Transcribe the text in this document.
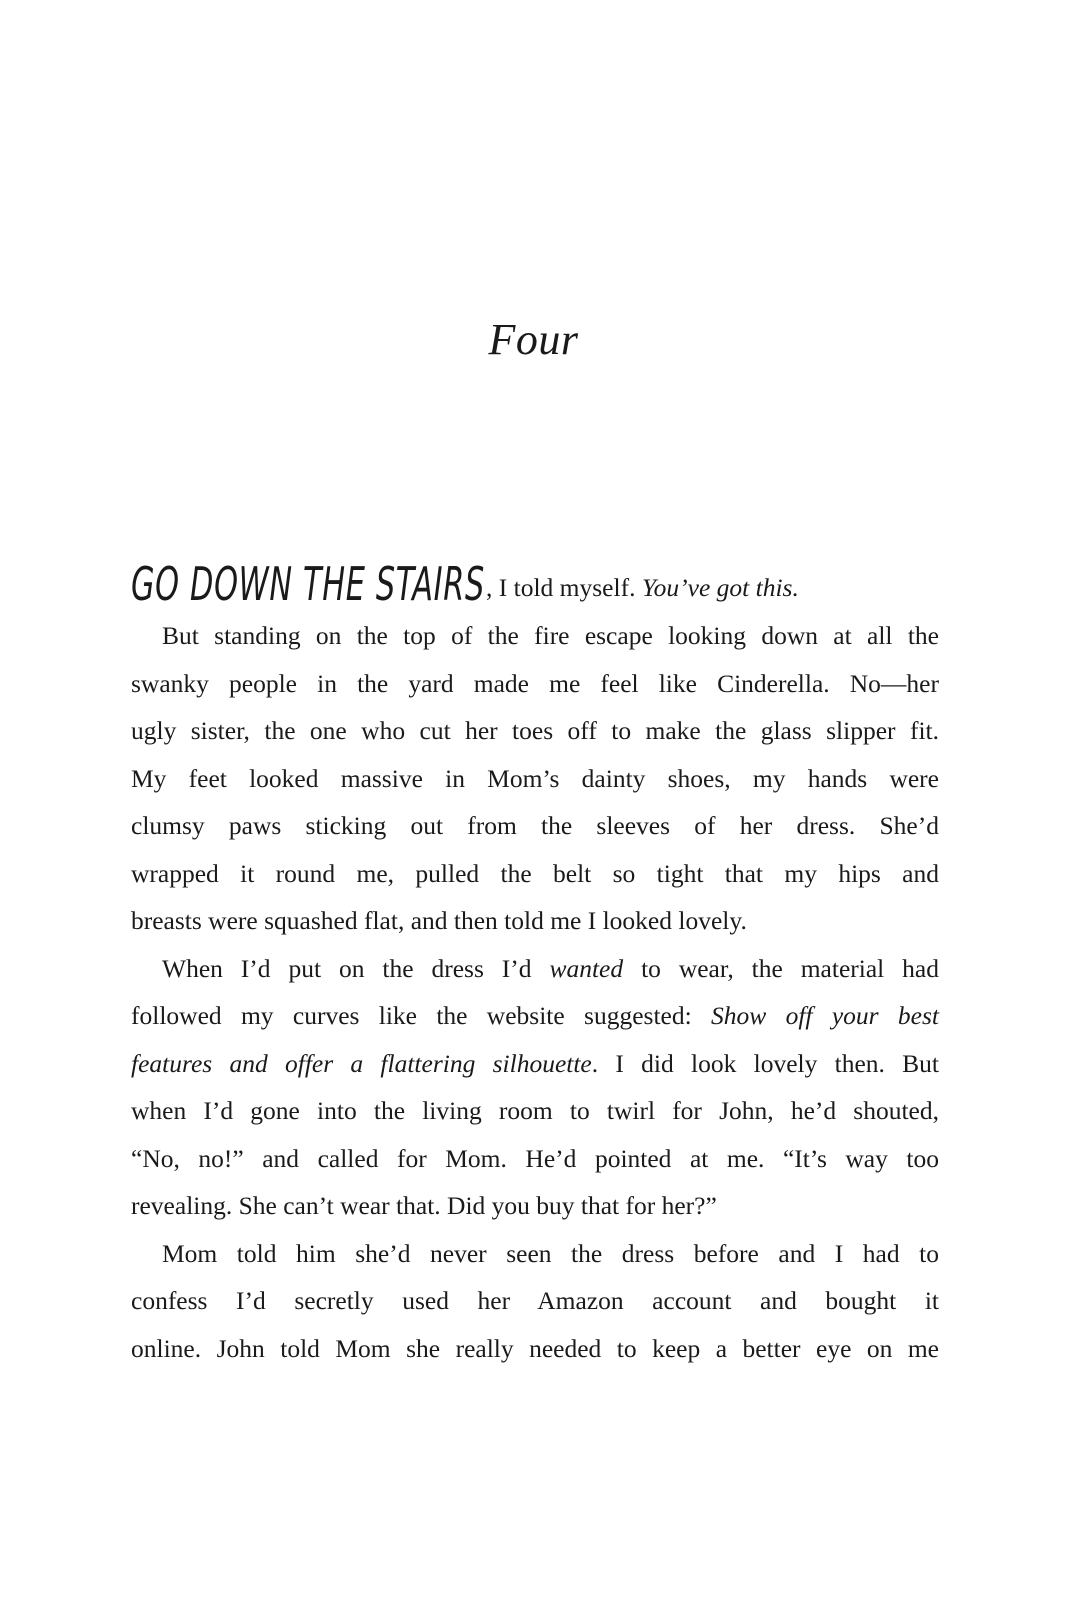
Four
GO DOWN THE STAIRS, I told myself. You’ve got this.
But standing on the top of the fire escape looking down at all the
swanky people in the yard made me feel like Cinderella. No—her
ugly sister, the one who cut her toes off to make the glass slipper fit.
My feet looked massive in Mom’s dainty shoes, my hands were
clumsy paws sticking out from the sleeves of her dress. She’d
wrapped it round me, pulled the belt so tight that my hips and
breasts were squashed flat, and then told me I looked lovely.
When I’d put on the dress I’d wanted to wear, the material had
followed my curves like the website suggested: Show off your best
features and offer a flattering silhouette. I did look lovely then. But
when I’d gone into the living room to twirl for John, he’d shouted,
“No, no!” and called for Mom. He’d pointed at me. “It’s way too
revealing. She can’t wear that. Did you buy that for her?”
Mom told him she’d never seen the dress before and I had to
confess I’d secretly used her Amazon account and bought it
online. John told Mom she really needed to keep a better eye on me
